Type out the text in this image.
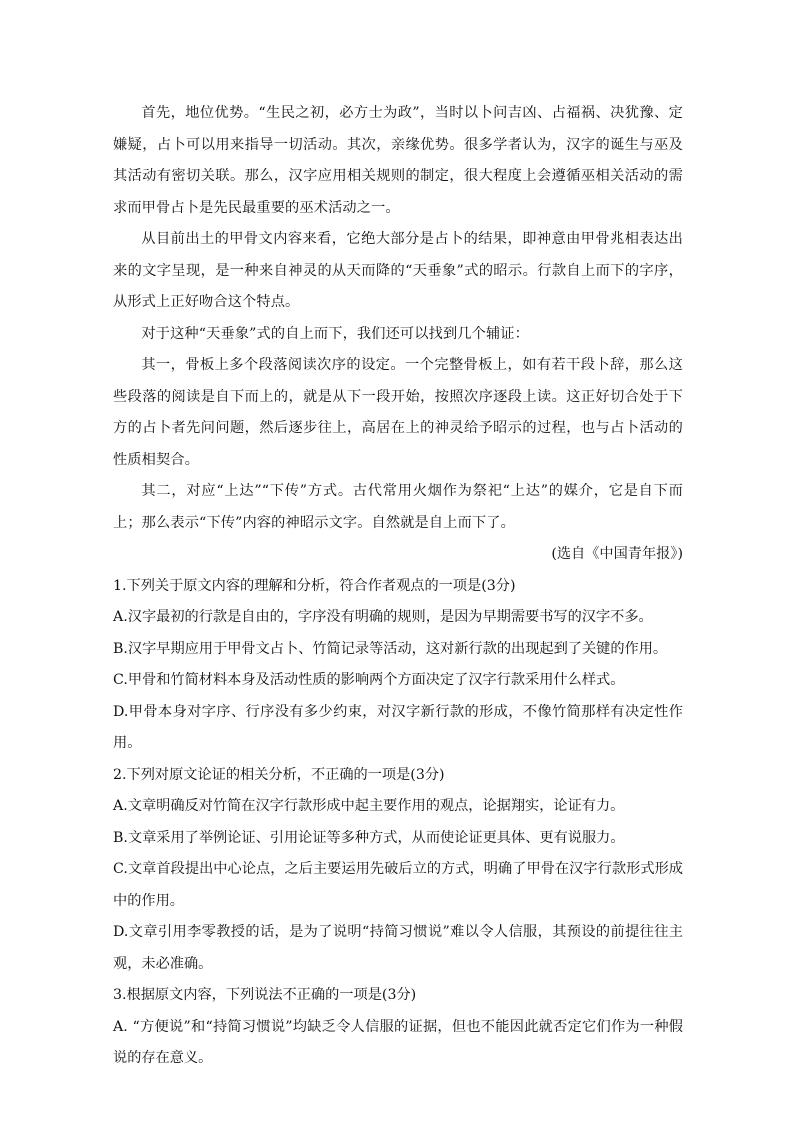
首先，地位优势。“生民之初，必方士为政”，当时以卜问吉凶、占福祸、决犹豫、定嫌疑，占卜可以用来指导一切活动。其次，亲缘优势。很多学者认为，汉字的诞生与巫及其活动有密切关联。那么，汉字应用相关规则的制定，很大程度上会遵循巫相关活动的需求而甲骨占卜是先民最重要的巫术活动之一。

从目前出土的甲骨文内容来看，它绝大部分是占卜的结果，即神意由甲骨兆相表达出来的文字呈现，是一种来自神灵的从天而降的“天垂象”式的昭示。行款自上而下的字序，从形式上正好吻合这个特点。

对于这种“天垂象”式的自上而下，我们还可以找到几个辅证：

其一，骨板上多个段落阅读次序的设定。一个完整骨板上，如有若干段卜辞，那么这些段落的阅读是自下而上的，就是从下一段开始，按照次序逐段上读。这正好切合处于下方的占卜者先问问题，然后逐步往上，高居在上的神灵给予昭示的过程，也与占卜活动的性质相契合。

其二，对应“上达”“下传”方式。古代常用火烟作为祭祀“上达”的媒介，它是自下而上；那么表示“下传”内容的神昭示文字。自然就是自上而下了。

(选自《中国青年报》)

1.下列关于原文内容的理解和分析，符合作者观点的一项是(3分)

A.汉字最初的行款是自由的，字序没有明确的规则，是因为早期需要书写的汉字不多。

B.汉字早期应用于甲骨文占卜、竹简记录等活动，这对新行款的出现起到了关键的作用。

C.甲骨和竹简材料本身及活动性质的影响两个方面决定了汉字行款采用什么样式。

D.甲骨本身对字序、行序没有多少约束，对汉字新行款的形成，不像竹简那样有决定性作用。

2.下列对原文论证的相关分析，不正确的一项是(3分)

A.文章明确反对竹简在汉字行款形成中起主要作用的观点，论据翔实，论证有力。

B.文章采用了举例论证、引用论证等多种方式，从而使论证更具体、更有说服力。

C.文章首段提出中心论点，之后主要运用先破后立的方式，明确了甲骨在汉字行款形式形成中的作用。

D.文章引用李零教授的话，是为了说明“持简习惯说”难以令人信服，其预设的前提往往主观，未必准确。

3.根据原文内容，下列说法不正确的一项是(3分)

A. “方便说”和“持简习惯说”均缺乏令人信服的证据，但也不能因此就否定它们作为一种假说的存在意义。
